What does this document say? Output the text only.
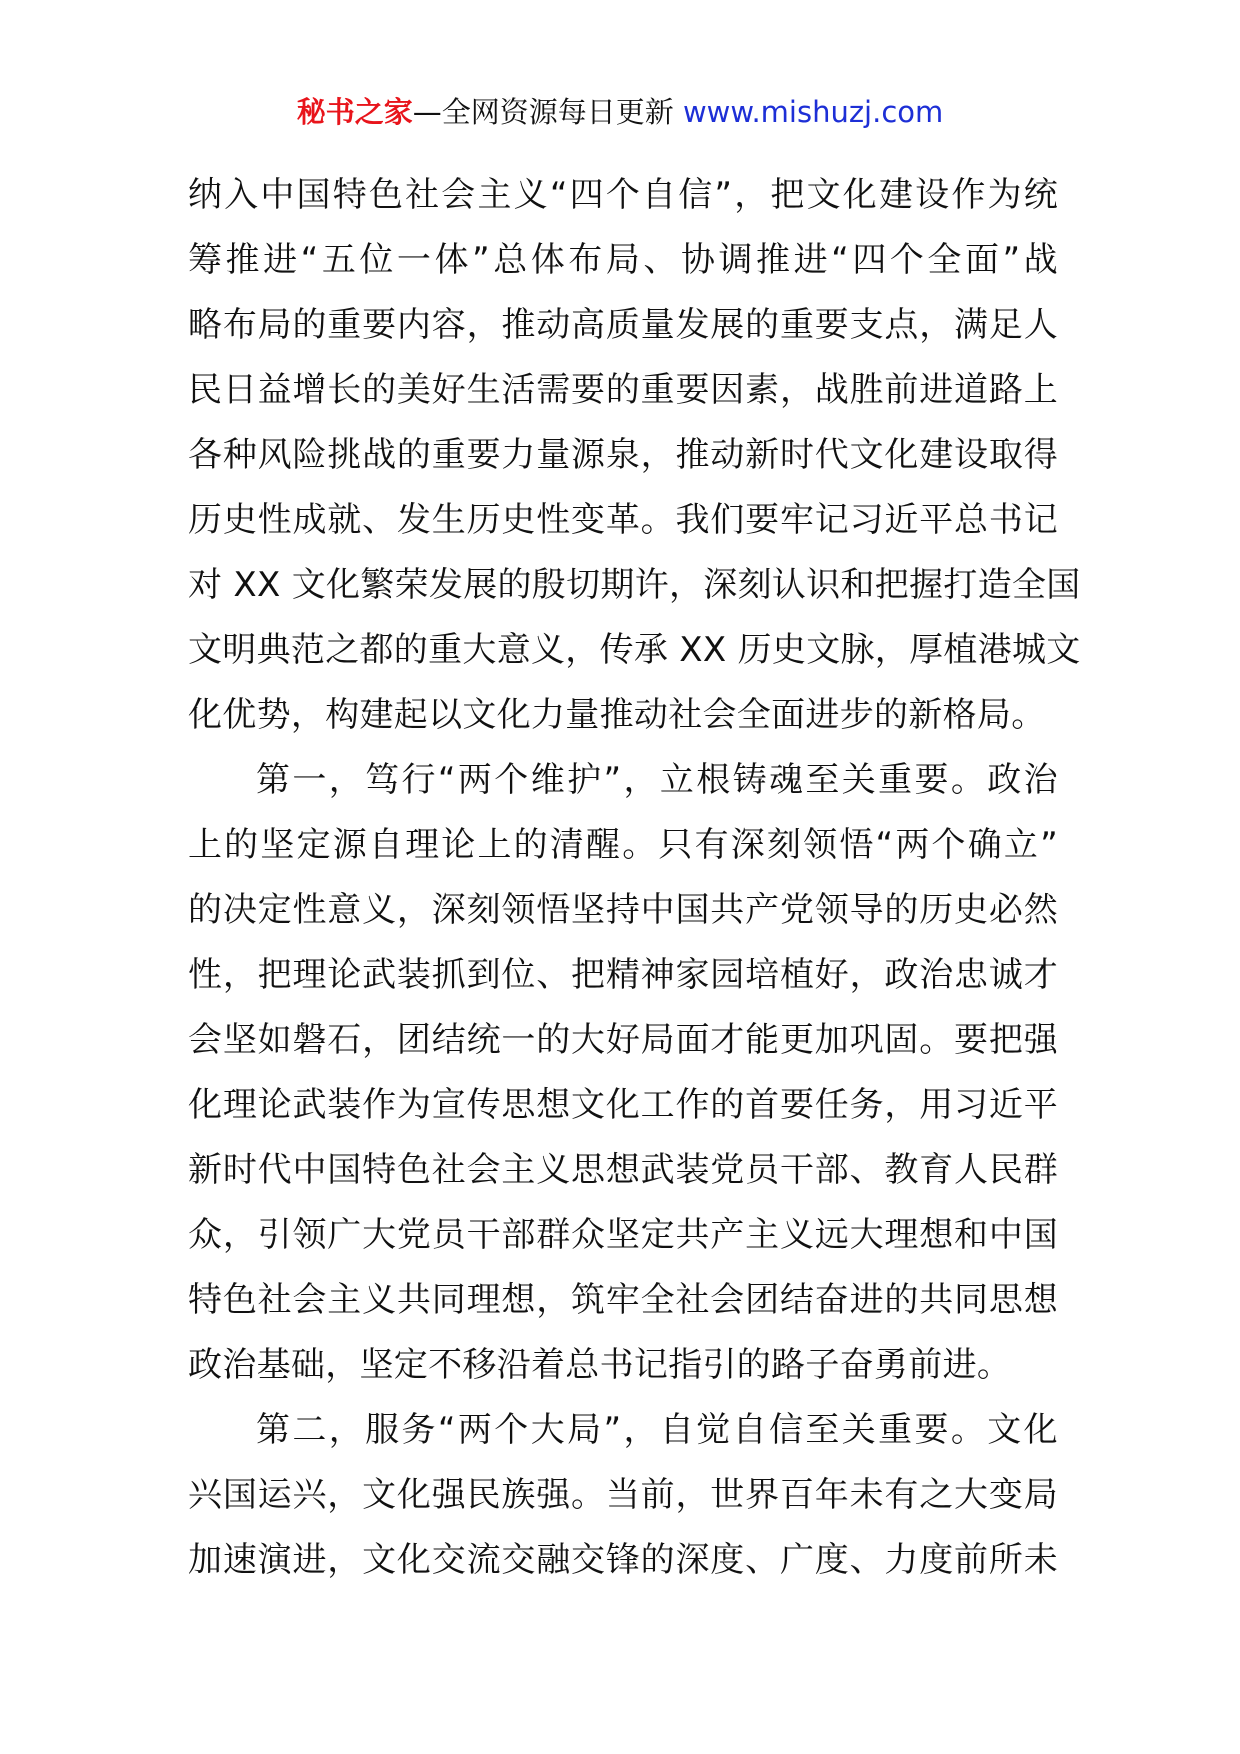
秘书之家—全网资源每日更新 www.mishuzj.com
纳入中国特色社会主义“四个自信”，把文化建设作为统
筹推进“五位一体”总体布局、协调推进“四个全面”战
略布局的重要内容，推动高质量发展的重要支点，满足人
民日益增长的美好生活需要的重要因素，战胜前进道路上
各种风险挑战的重要力量源泉，推动新时代文化建设取得
历史性成就、发生历史性变革。我们要牢记习近平总书记
对 XX 文化繁荣发展的殷切期许，深刻认识和把握打造全国
文明典范之都的重大意义，传承 XX 历史文脉，厚植港城文
化优势，构建起以文化力量推动社会全面进步的新格局。
第一，笃行“两个维护”，立根铸魂至关重要。政治
上的坚定源自理论上的清醒。只有深刻领悟“两个确立”
的决定性意义，深刻领悟坚持中国共产党领导的历史必然
性，把理论武装抓到位、把精神家园培植好，政治忠诚才
会坚如磐石，团结统一的大好局面才能更加巩固。要把强
化理论武装作为宣传思想文化工作的首要任务，用习近平
新时代中国特色社会主义思想武装党员干部、教育人民群
众，引领广大党员干部群众坚定共产主义远大理想和中国
特色社会主义共同理想，筑牢全社会团结奋进的共同思想
政治基础，坚定不移沿着总书记指引的路子奋勇前进。
第二，服务“两个大局”，自觉自信至关重要。文化
兴国运兴，文化强民族强。当前，世界百年未有之大变局
加速演进，文化交流交融交锋的深度、广度、力度前所未
